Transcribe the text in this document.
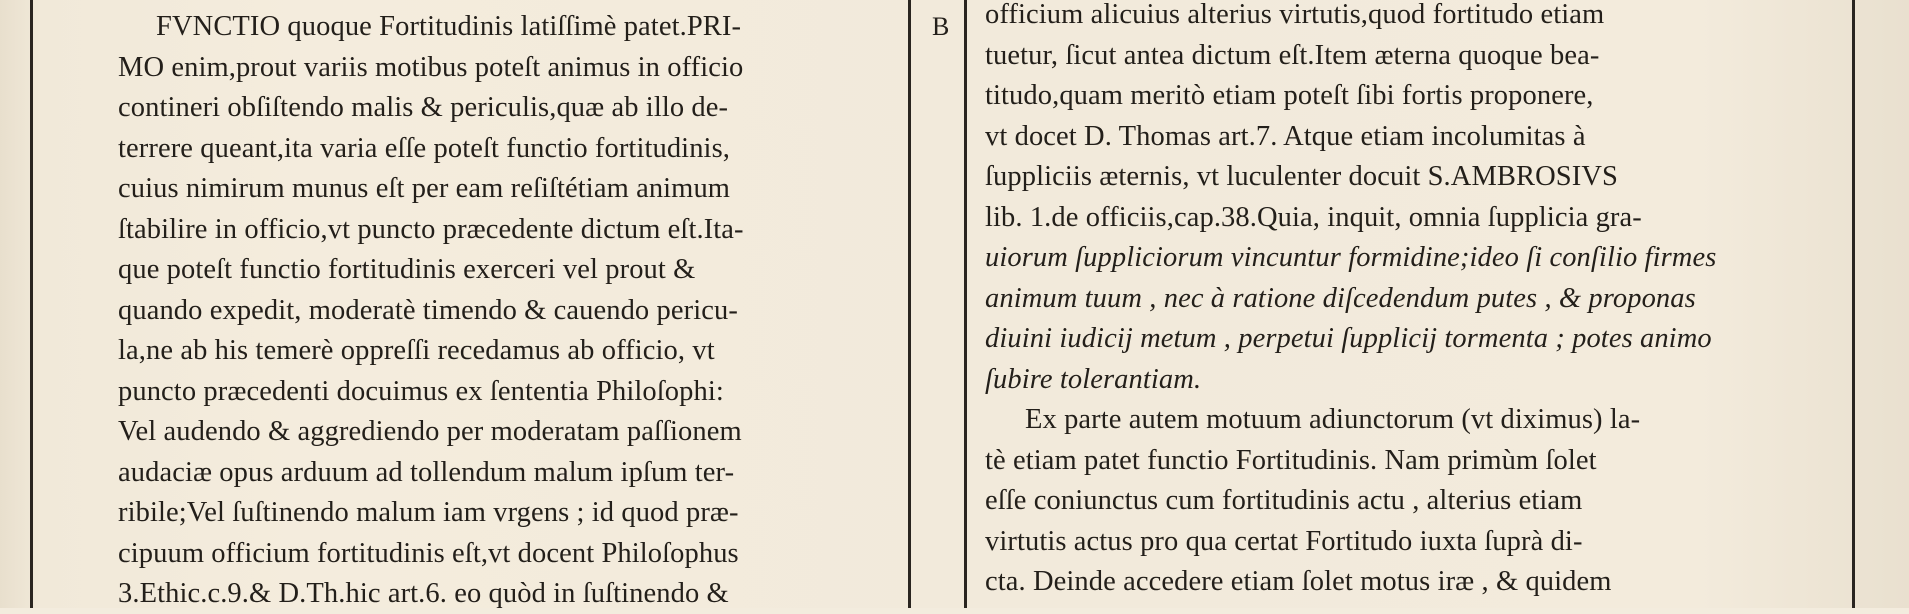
B
FVNCTIO quoque Fortitudinis latiſſimè patet.PRI-
MO enim,prout variis motibus poteſt animus in officio
contineri obſiſtendo malis & periculis,quæ ab illo de-
terrere queant,ita varia eſſe poteſt functio fortitudinis,
cuius nimirum munus eſt per eam reſiſtétiam animum
ſtabilire in officio,vt puncto præcedente dictum eſt.Ita-
que poteſt functio fortitudinis exerceri vel prout &
quando expedit, moderatè timendo & cauendo pericu-
la,ne ab his temerè oppreſſi recedamus ab officio, vt
puncto præcedenti docuimus ex ſententia Philoſophi:
Vel audendo & aggrediendo per moderatam paſſionem
audaciæ opus arduum ad tollendum malum ipſum ter-
ribile;Vel ſuſtinendo malum iam vrgens ; id quod præ-
cipuum officium fortitudinis eſt,vt docent Philoſophus
3.Ethic.c.9.& D.Th.hic art.6. eo quòd in ſuſtinendo &
officium alicuius alterius virtutis,quod fortitudo etiam
tuetur, ſicut antea dictum eſt.Item æterna quoque bea-
titudo,quam meritò etiam poteſt ſibi fortis proponere,
vt docet D. Thomas art.7. Atque etiam incolumitas à
ſuppliciis æternis, vt luculenter docuit S.AMBROSIVS
lib. 1.de officiis,cap.38.Quia, inquit, omnia ſupplicia gra-
uiorum ſuppliciorum vincuntur formidine;ideo ſi conſilio firmes
animum tuum , nec à ratione diſcedendum putes , & proponas
diuini iudicij metum , perpetui ſupplicij tormenta ; potes animo
ſubire tolerantiam.
Ex parte autem motuum adiunctorum (vt diximus) la-
tè etiam patet functio Fortitudinis. Nam primùm ſolet
eſſe coniunctus cum fortitudinis actu , alterius etiam
virtutis actus pro qua certat Fortitudo iuxta ſuprà di-
cta. Deinde accedere etiam ſolet motus iræ , & quidem
